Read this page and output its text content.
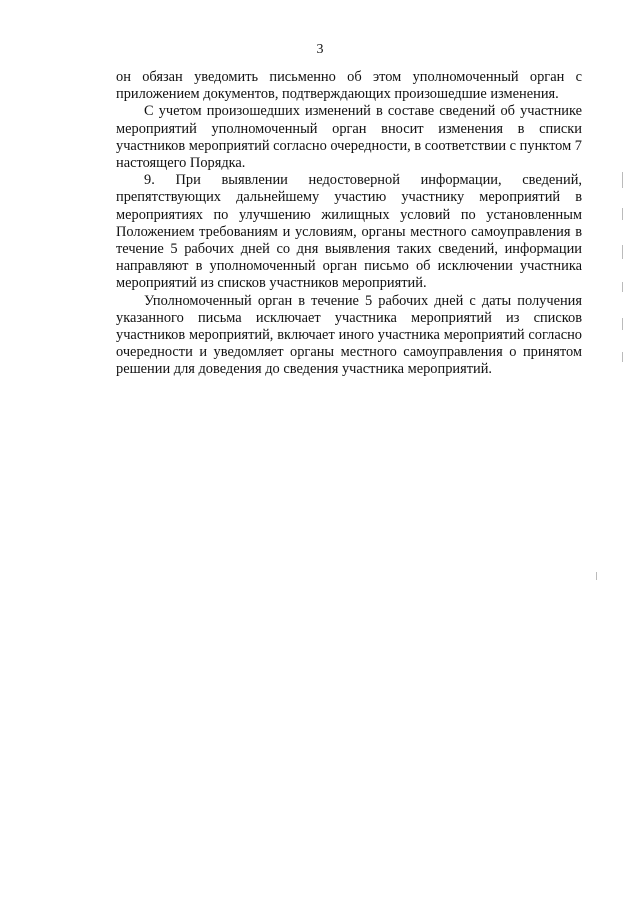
3

он обязан уведомить письменно об этом уполномоченный орган с приложением документов, подтверждающих произошедшие изменения.

С учетом произошедших изменений в составе сведений об участнике мероприятий уполномоченный орган вносит изменения в списки участников мероприятий согласно очередности, в соответствии с пунктом 7 настоящего Порядка.

9. При выявлении недостоверной информации, сведений, препятствующих дальнейшему участию участнику мероприятий в мероприятиях по улучшению жилищных условий по установленным Положением требованиям и условиям, органы местного самоуправления в течение 5 рабочих дней со дня выявления таких сведений, информации направляют в уполномоченный орган письмо об исключении участника мероприятий из списков участников мероприятий.

Уполномоченный орган в течение 5 рабочих дней с даты получения указанного письма исключает участника мероприятий из списков участников мероприятий, включает иного участника мероприятий согласно очередности и уведомляет органы местного самоуправления о принятом решении для доведения до сведения участника мероприятий.
